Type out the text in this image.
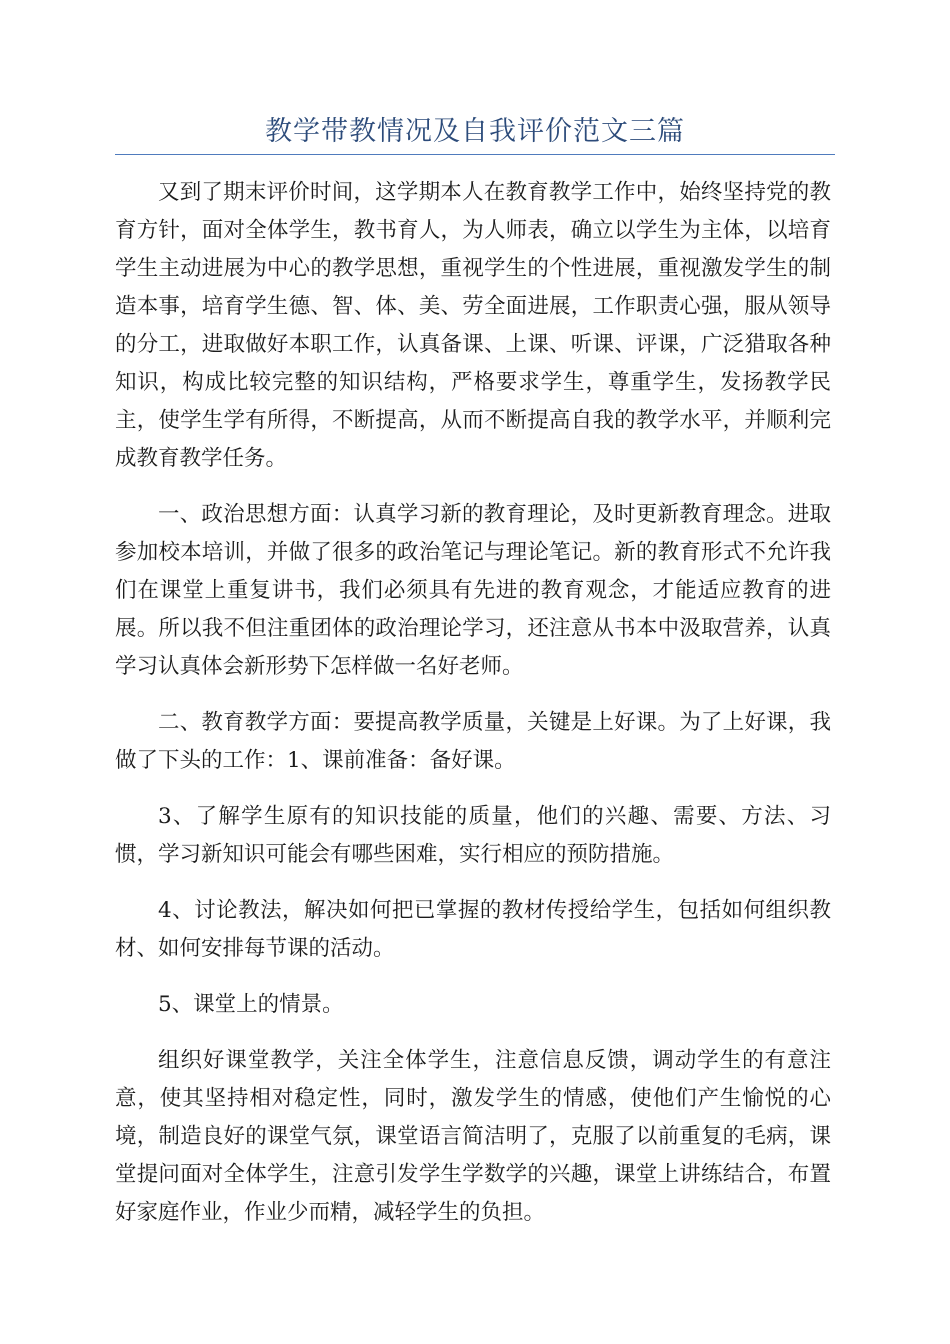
教学带教情况及自我评价范文三篇

又到了期末评价时间，这学期本人在教育教学工作中，始终坚持党的教育方针，面对全体学生，教书育人，为人师表，确立以学生为主体，以培育学生主动进展为中心的教学思想，重视学生的个性进展，重视激发学生的制造本事，培育学生德、智、体、美、劳全面进展，工作职责心强，服从领导的分工，进取做好本职工作，认真备课、上课、听课、评课，广泛猎取各种知识，构成比较完整的知识结构，严格要求学生，尊重学生，发扬教学民主，使学生学有所得，不断提高，从而不断提高自我的教学水平，并顺利完成教育教学任务。

一、政治思想方面：认真学习新的教育理论，及时更新教育理念。进取参加校本培训，并做了很多的政治笔记与理论笔记。新的教育形式不允许我们在课堂上重复讲书，我们必须具有先进的教育观念，才能适应教育的进展。所以我不但注重团体的政治理论学习，还注意从书本中汲取营养，认真学习认真体会新形势下怎样做一名好老师。

二、教育教学方面：要提高教学质量，关键是上好课。为了上好课，我做了下头的工作：1、课前准备：备好课。

3、了解学生原有的知识技能的质量，他们的兴趣、需要、方法、习惯，学习新知识可能会有哪些困难，实行相应的预防措施。

4、讨论教法，解决如何把已掌握的教材传授给学生，包括如何组织教材、如何安排每节课的活动。

5、课堂上的情景。

组织好课堂教学，关注全体学生，注意信息反馈，调动学生的有意注意，使其坚持相对稳定性，同时，激发学生的情感，使他们产生愉悦的心境，制造良好的课堂气氛，课堂语言简洁明了，克服了以前重复的毛病，课堂提问面对全体学生，注意引发学生学数学的兴趣，课堂上讲练结合，布置好家庭作业，作业少而精，减轻学生的负担。
